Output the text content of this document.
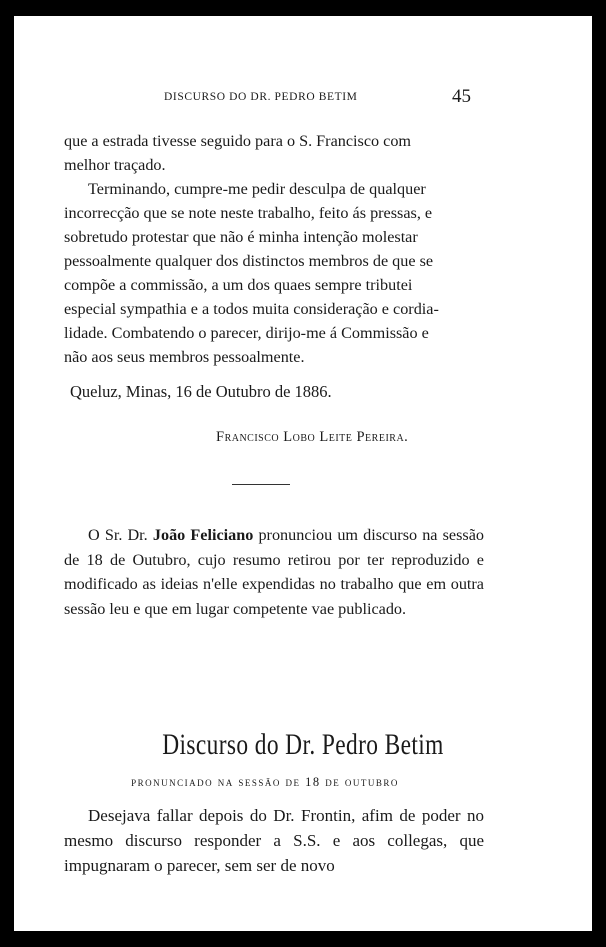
DISCURSO DO DR. PEDRO BETIM	45

que a estrada tivesse seguido para o S. Francisco com

melhor traçado.

Terminando, cumpre-me pedir desculpa de qualquer

incorrecção que se note neste trabalho, feito ás pressas, e

sobretudo protestar que não é minha intenção molestar

pessoalmente qualquer dos distinctos membros de que se

compõe a commissão, a um dos quaes sempre tributei

especial sympathia e a todos muita consideração e cordia-

lidade. Combatendo o parecer, dirijo-me á Commissão e

não aos seus membros pessoalmente.

Queluz, Minas, 16 de Outubro de 1886.
Francisco Lobo Leite Pereira.

O Sr. Dr. João Feliciano pronunciou um discurso na sessão de 18 de Outubro, cujo resumo retirou por ter reproduzido e modificado as ideias n'elle expendidas no trabalho que em outra sessão leu e que em lugar competente vae publicado.

Discurso do Dr. Pedro Betim
pronunciado na sessão de 18 de outubro

Desejava fallar depois do Dr. Frontin, afim de poder no mesmo discurso responder a S.S. e aos collegas, que impugnaram o parecer, sem ser de novo
